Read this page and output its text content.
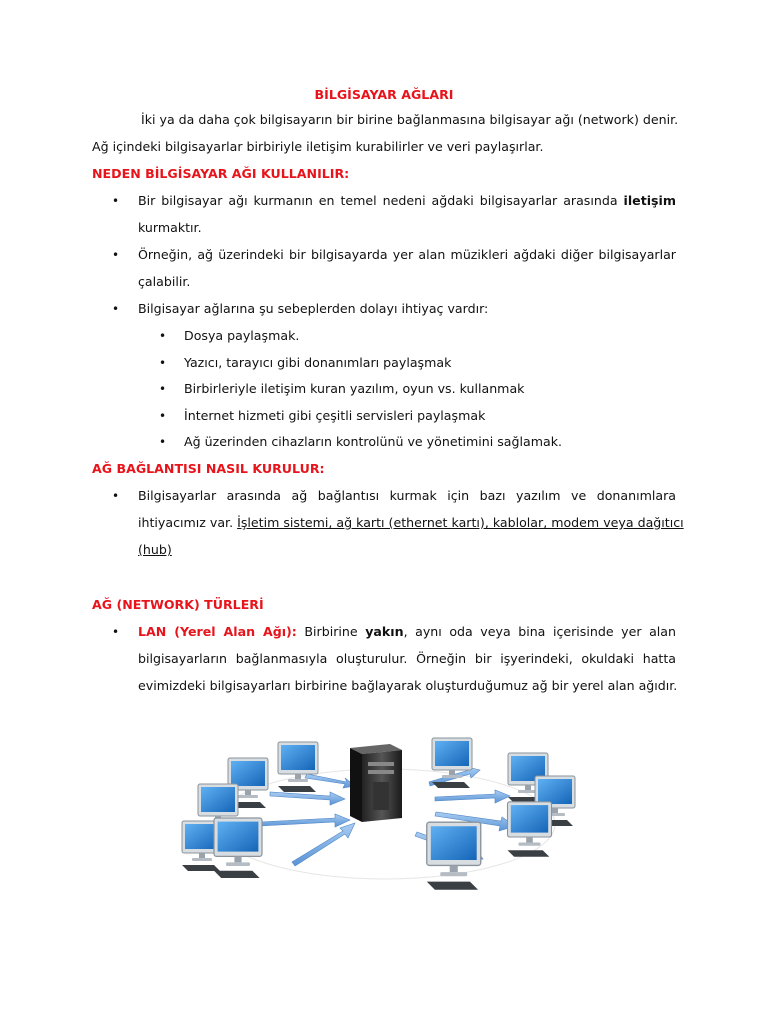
BİLGİSAYAR AĞLARI
İki ya da daha çok bilgisayarın bir birine bağlanmasına bilgisayar ağı (network) denir.
Ağ içindeki bilgisayarlar birbiriyle iletişim kurabilirler ve veri paylaşırlar.
NEDEN BİLGİSAYAR AĞI KULLANILIR:
• Bir bilgisayar ağı kurmanın en temel nedeni ağdaki bilgisayarlar arasında iletişim
kurmaktır.
• Örneğin, ağ üzerindeki bir bilgisayarda yer alan müzikleri ağdaki diğer bilgisayarlar
çalabilir.
• Bilgisayar ağlarına şu sebeplerden dolayı ihtiyaç vardır:
• Dosya paylaşmak.
• Yazıcı, tarayıcı gibi donanımları paylaşmak
• Birbirleriyle iletişim kuran yazılım, oyun vs. kullanmak
• İnternet hizmeti gibi çeşitli servisleri paylaşmak
• Ağ üzerinden cihazların kontrolünü ve yönetimini sağlamak.
AĞ BAĞLANTISI NASIL KURULUR:
• Bilgisayarlar arasında ağ bağlantısı kurmak için bazı yazılım ve donanımlara
ihtiyacımız var. İşletim sistemi, ağ kartı (ethernet kartı), kablolar, modem veya dağıtıcı
(hub)
AĞ (NETWORK) TÜRLERİ
• LAN (Yerel Alan Ağı): Birbirine yakın, aynı oda veya bina içerisinde yer alan
bilgisayarların bağlanmasıyla oluşturulur. Örneğin bir işyerindeki, okuldaki hatta
evimizdeki bilgisayarları birbirine bağlayarak oluşturduğumuz ağ bir yerel alan ağıdır.
